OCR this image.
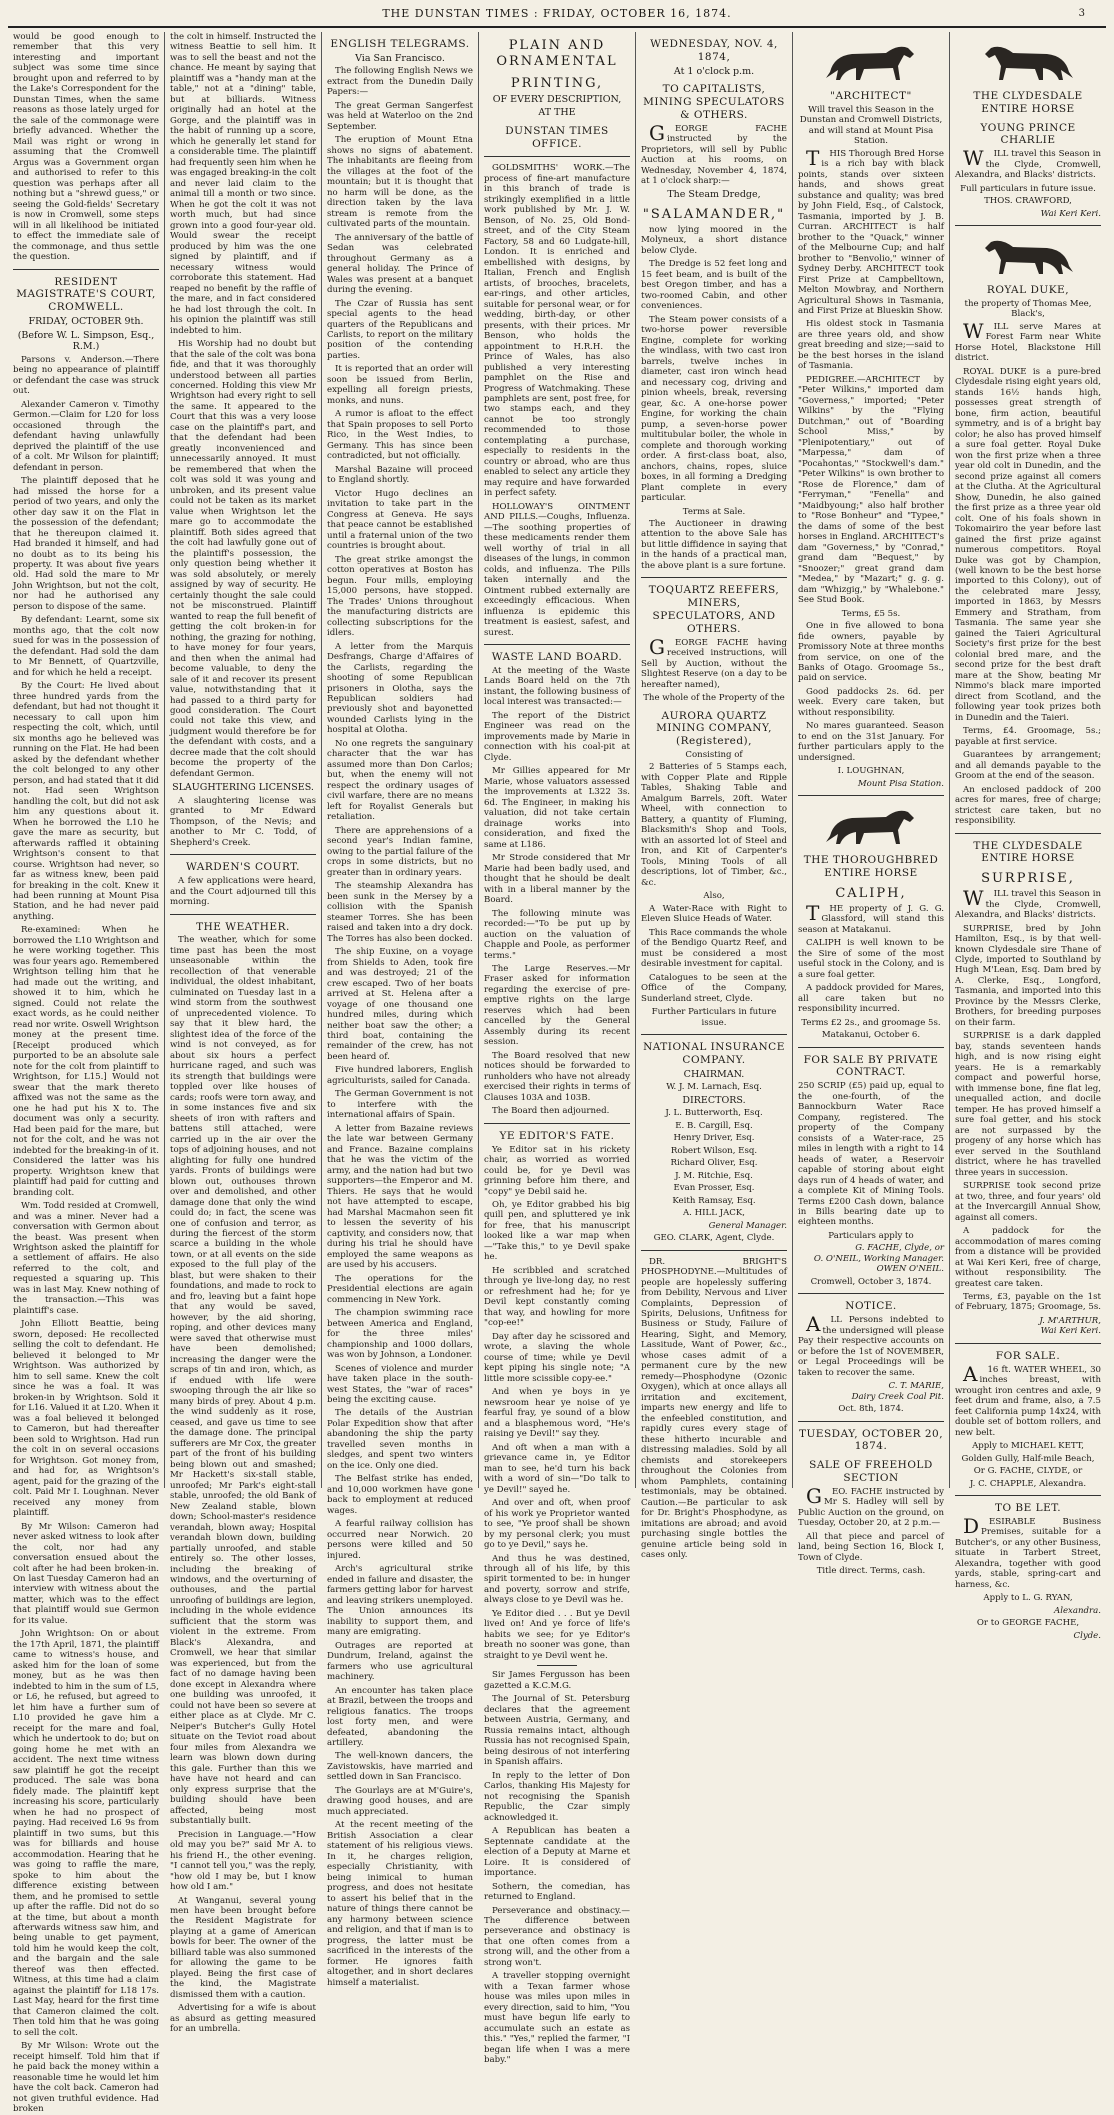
THE DUNSTAN TIMES : FRIDAY, OCTOBER 16, 1874.	3

would be good enough to remember that this very interesting and important subject was some time since brought upon and referred to by the Lake's Correspondent for the Dunstan Times, when the same reasons as those lately urged for the sale of the commonage were briefly advanced. Whether the Mail was right or wrong in assuming that the Cromwell Argus was a Government organ and authorised to refer to this question was perhaps after all nothing but a "shrewd guess," or seeing the Gold-fields' Secretary is now in Cromwell, some steps will in all likelihood be initiated to effect the immediate sale of the commonage, and thus settle the question.

RESIDENT MAGISTRATE'S COURT, CROMWELL.
FRIDAY, OCTOBER 9th.
(Before W. L. Simpson, Esq., R.M.)

Parsons v. Anderson.—There being no appearance of plaintiff or defendant the case was struck out.

Alexander Cameron v. Timothy Germon.—Claim for L20 for loss occasioned through the defendant having unlawfully deprived the plaintiff of the use of a colt. Mr Wilson for plaintiff; defendant in person.

The plaintiff deposed that he had missed the horse for a period of two years, and only the other day saw it on the Flat in the possession of the defendant; that he thereupon claimed it. Had branded it himself, and had no doubt as to its being his property. It was about five years old. Had sold the mare to Mr John Wrightson, but not the colt, nor had he authorised any person to dispose of the same.

By defendant: Learnt, some six months ago, that the colt now sued for was in the possession of the defendant. Had sold the dam to Mr Bennett, of Quartzville, and for which he held a receipt.

By the Court: He lived about three hundred yards from the defendant, but had not thought it necessary to call upon him respecting the colt, which, until six months ago he believed was running on the Flat. He had been asked by the defendant whether the colt belonged to any other person, and had stated that it did not. Had seen Wrightson handling the colt, but did not ask him any questions about it. When he borrowed the L10 he gave the mare as security, but afterwards raffled it obtaining Wrightson's consent to that course. Wrightson had never, so far as witness knew, been paid for breaking in the colt. Knew it had been running at Mount Pisa Station, and he had never paid anything.

Re-examined: When he borrowed the L10 Wrightson and he were working together. This was four years ago. Remembered Wrightson telling him that he had made out the writing, and showed it to him, which he signed. Could not relate the exact words, as he could neither read nor write. Oswell Wrightson money at the present time. [Receipt produced which purported to be an absolute sale note for the colt from plaintiff to Wrightson, for L15.] Would not swear that the mark thereto affixed was not the same as the one he had put his X to. The document was only a security. Had been paid for the mare, but not for the colt, and he was not indebted for the breaking-in of it. Considered the latter was his property. Wrightson knew that plaintiff had paid for cutting and branding colt.

Wm. Todd resided at Cromwell, and was a miner. Never had a conversation with Germon about the beast. Was present when Wrightson asked the plaintiff for a settlement of affairs. He also referred to the colt, and requested a squaring up. This was in last May. Knew nothing of the transaction.—This was plaintiff's case.

John Elliott Beattie, being sworn, deposed: He recollected selling the colt to defendant. He believed it belonged to Mr Wrightson. Was authorized by him to sell same. Knew the colt since he was a foal. It was broken-in by Wrightson. Sold it for L16. Valued it at L20. When it was a foal believed it belonged to Cameron, but had thereafter been sold to Wrightson. Had run the colt in on several occasions for Wrightson. Got money from, and had for, as Wrightson's agent, paid for the grazing of the colt. Paid Mr I. Loughnan. Never received any money from plaintiff.

By Mr Wilson: Cameron had never asked witness to look after the colt, nor had any conversation ensued about the colt after he had been broken-in. On last Tuesday Cameron had an interview with witness about the matter, which was to the effect that plaintiff would sue Germon for its value.

John Wrightson: On or about the 17th April, 1871, the plaintiff came to witness's house, and asked him for the loan of some money, but as he was then indebted to him in the sum of L5, or L6, he refused, but agreed to let him have a further sum of L10 provided he gave him a receipt for the mare and foal, which he undertook to do; but on going home he met with an accident. The next time witness saw plaintiff he got the receipt produced. The sale was bona fidely made. The plaintiff kept increasing his score, particularly when he had no prospect of paying. Had received L6 9s from plaintiff in two sums, but this was for billiards and house accommodation. Hearing that he was going to raffle the mare, spoke to him about the difference existing between them, and he promised to settle up after the raffle. Did not do so at the time, but about a month afterwards witness saw him, and being unable to get payment, told him he would keep the colt, and the bargain and the sale thereof was then effected. Witness, at this time had a claim against the plaintiff for L18 17s. Last May, heard for the first time that Cameron claimed the colt. Then told him that he was going to sell the colt.

By Mr Wilson: Wrote out the receipt himself. Told him that if he paid back the money within a reasonable time he would let him have the colt back. Cameron had not given truthful evidence. Had broken

the colt in himself. Instructed the witness Beattie to sell him. It was to sell the beast and not the chance. He meant by saying that plaintiff was a "handy man at the table," not at a "dining" table, but at billiards. Witness originally had an hotel at the Gorge, and the plaintiff was in the habit of running up a score, which he generally let stand for a considerable time. The plaintiff had frequently seen him when he was engaged breaking-in the colt and never laid claim to the animal till a month or two since. When he got the colt it was not worth much, but had since grown into a good four-year old. Would swear the receipt produced by him was the one signed by plaintiff, and if necessary witness would corroborate this statement. Had reaped no benefit by the raffle of the mare, and in fact considered he had lost through the colt. In his opinion the plaintiff was still indebted to him.

His Worship had no doubt but that the sale of the colt was bona fide, and that it was thoroughly understood between all parties concerned. Holding this view Mr Wrightson had every right to sell the same. It appeared to the Court that this was a very loose case on the plaintiff's part, and that the defendant had been greatly inconvenienced and unnecessarily annoyed. It must be remembered that when the colt was sold it was young and unbroken, and its present value could not be taken as its market value when Wrightson let the mare go to accommodate the plaintiff. Both sides agreed that the colt had lawfully gone out of the plaintiff's possession, the only question being whether it was sold absolutely, or merely assigned by way of security. He certainly thought the sale could not be misconstrued. Plaintiff wanted to reap the full benefit of getting the colt broken-in for nothing, the grazing for nothing, to have money for four years, and then when the animal had become valuable, to deny the sale of it and recover its present value, notwithstanding that it had passed to a third party for good consideration. The Court could not take this view, and judgment would therefore be for the defendant with costs, and a decree made that the colt should become the property of the defendant Germon.

SLAUGHTERING LICENSES.

A slaughtering license was granted to Mr Edward Thompson, of the Nevis; and another to Mr C. Todd, of Shepherd's Creek.

WARDEN'S COURT.

A few applications were heard, and the Court adjourned till this morning.

THE WEATHER.

The weather, which for some time past has been the most unseasonable within the recollection of that venerable individual, the oldest inhabitant, culminated on Tuesday last in a wind storm from the southwest of unprecedented violence. To say that it blew hard, the slightest idea of the force of the wind is not conveyed, as for about six hours a perfect hurricane raged, and such was its strength that buildings were toppled over like houses of cards; roofs were torn away, and in some instances five and six sheets of iron with rafters and battens still attached, were carried up in the air over the tops of adjoining houses, and not alighting for fully one hundred yards. Fronts of buildings were blown out, outhouses thrown over and demolished, and other damage done that only the wind could do; in fact, the scene was one of confusion and terror, as during the fiercest of the storm scarce a building in the whole town, or at all events on the side exposed to the full play of the blast, but were shaken to their foundations, and made to rock to and fro, leaving but a faint hope that any would be saved, however, by the aid shoring, roping, and other devices many were saved that otherwise must have been demolished; increasing the danger were the scraps of tin and iron, which, as if endued with life were swooping through the air like so many birds of prey. About 4 p.m. the wind suddenly as it rose, ceased, and gave us time to see the damage done. The principal sufferers are Mr Cox, the greater part of the front of his building being blown out and smashed; Mr Hackett's six-stall stable, unroofed; Mr Park's eight-stall stable, unroofed; the old Bank of New Zealand stable, blown down; School-master's residence verandah, blown away; Hospital verandah blown down, building partially unroofed, and stable entirely so. The other losses, including the breaking of windows, and the overturning of outhouses, and the partial unroofing of buildings are legion, including in the whole evidence sufficient that the storm was violent in the extreme. From Black's Alexandra, and Cromwell, we hear that similar was experienced, but from the fact of no damage having been done except in Alexandra where one building was unroofed, it could not have been so severe at either place as at Clyde. Mr C. Neiper's Butcher's Gully Hotel situate on the Teviot road about four miles from Alexandra we learn was blown down during this gale. Further than this we have have not heard and can only express surprise that the building should have been affected, being most substantially built.

Precision in Language.—"How old may you be?" said Mr A. to his friend H., the other evening. "I cannot tell you," was the reply, "how old I may be, but I know how old I am."

At Wanganui, several young men have been brought before the Resident Magistrate for playing at a game of American bowls for beer. The owner of the billiard table was also summoned for allowing the game to be played. Being the first case of the kind, the Magistrate dismissed them with a caution.

Advertising for a wife is about as absurd as getting measured for an umbrella.

ENGLISH TELEGRAMS.
Via San Francisco.

The following English News we extract from the Dunedin Daily Papers:—

The great German Sangerfest was held at Waterloo on the 2nd September.

The eruption of Mount Etna shows no signs of abatement. The inhabitants are fleeing from the villages at the foot of the mountain; but it is thought that no harm will be done, as the direction taken by the lava stream is remote from the cultivated parts of the mountain.

The anniversary of the battle of Sedan was celebrated throughout Germany as a general holiday. The Prince of Wales was present at a banquet during the evening.

The Czar of Russia has sent special agents to the head quarters of the Republicans and Carlists, to report on the military position of the contending parties.

It is reported that an order will soon be issued from Berlin, expelling all foreign priests, monks, and nuns.

A rumor is afloat to the effect that Spain proposes to sell Porto Rico, in the West Indies, to Germany. This has since been contradicted, but not officially.

Marshal Bazaine will proceed to England shortly.

Victor Hugo declines an invitation to take part in the Congress at Geneva. He says that peace cannot be established until a fraternal union of the two countries is brought about.

The great strike amongst the cotton operatives at Boston has begun. Four mills, employing 15,000 persons, have stopped. The Trades' Unions throughout the manufacturing districts are collecting subscriptions for the idlers.

A letter from the Marquis Desfrangs, Charge d'Affaires of the Carlists, regarding the shooting of some Republican prisoners in Olotha, says the Republican soldiers had previously shot and bayonetted wounded Carlists lying in the hospital at Olotha.

No one regrets the sanguinary character that the war has assumed more than Don Carlos; but, when the enemy will not respect the ordinary usages of civil warfare, there are no means left for Royalist Generals but retaliation.

There are apprehensions of a second year's Indian famine, owing to the partial failure of the crops in some districts, but no greater than in ordinary years.

The steamship Alexandra has been sunk in the Mersey by a collision with the Spanish steamer Torres. She has been raised and taken into a dry dock. The Torres has also been docked.

The ship Euxine, on a voyage from Shields to Aden, took fire and was destroyed; 21 of the crew escaped. Two of her boats arrived at St. Helena after a voyage of one thousand one hundred miles, during which neither boat saw the other; a third boat, containing the remainder of the crew, has not been heard of.

Five hundred laborers, English agriculturists, sailed for Canada.

The German Government is not to interfere with the international affairs of Spain.

A letter from Bazaine reviews the late war between Germany and France. Bazaine complains that he was the victim of the army, and the nation had but two supporters—the Emperor and M. Thiers. He says that he would not have attempted to escape, had Marshal Macmahon seen fit to lessen the severity of his captivity, and considers now, that during his trial he should have employed the same weapons as are used by his accusers.

The operations for the Presidential elections are again commencing in New York.

The champion swimming race between America and England, for the three miles' championship and 1000 dollars, was won by Johnson, a Londoner.

Scenes of violence and murder have taken place in the south-west States, the "war of races" being the exciting cause.

The details of the Austrian Polar Expedition show that after abandoning the ship the party travelled seven months in sledges, and spent two winters on the ice. Only one died.

The Belfast strike has ended, and 10,000 workmen have gone back to employment at reduced wages.

A fearful railway collision has occurred near Norwich. 20 persons were killed and 50 injured.

Arch's agricultural strike ended in failure and disaster, the farmers getting labor for harvest and leaving strikers unemployed. The Union announces its inability to support them, and many are emigrating.

Outrages are reported at Dundrum, Ireland, against the farmers who use agricultural machinery.

An encounter has taken place at Brazil, between the troops and religious fanatics. The troops lost forty men, and were defeated, abandoning the artillery.

The well-known dancers, the Zavistowskis, have married and settled down in San Francisco.

The Gourlays are at M'Guire's, drawing good houses, and are much appreciated.

At the recent meeting of the British Association a clear statement of his religious views. In it, he charges religion, especially Christianity, with being inimical to human progress, and does not hesitate to assert his belief that in the nature of things there cannot be any harmony between science and religion, and that if man is to progress, the latter must be sacrificed in the interests of the former. He ignores faith altogether, and in short declares himself a materialist.

PLAIN AND ORNAMENTAL
PRINTING,
OF EVERY DESCRIPTION,
AT THE
DUNSTAN TIMES OFFICE.

GOLDSMITHS' WORK.—The process of fine-art manufacture in this branch of trade is strikingly exemplified in a little work published by Mr. J. W. Benson, of No. 25, Old Bond-street, and of the City Steam Factory, 58 and 60 Ludgate-hill, London. It is enriched and embellished with designs, by Italian, French and English artists, of brooches, bracelets, ear-rings, and other articles, suitable for personal wear, or for wedding, birth-day, or other presents, with their prices. Mr Benson, who holds the appointment to H.R.H. the Prince of Wales, has also published a very interesting pamphlet on the Rise and Progress of Watchmaking. These pamphlets are sent, post free, for two stamps each, and they cannot be too strongly recommended to those contemplating a purchase, especially to residents in the country or abroad, who are thus enabled to select any article they may require and have forwarded in perfect safety.

HOLLOWAY'S OINTMENT AND PILLS.—Coughs, Influenza.—The soothing properties of these medicaments render them well worthy of trial in all diseases of the lungs, in common colds, and influenza. The Pills taken internally and the Ointment rubbed externally are exceedingly efficacious. When influenza is epidemic this treatment is easiest, safest, and surest.

WASTE LAND BOARD.

At the meeting of the Waste Lands Board held on the 7th instant, the following business of local interest was transacted:—

The report of the District Engineer was read on the improvements made by Marie in connection with his coal-pit at Clyde.

Mr Gillies appeared for Mr Marie, whose valuators assessed the improvements at L322 3s. 6d. The Engineer, in making his valuation, did not take certain drainage works into consideration, and fixed the same at L186.

Mr Strode considered that Mr Marie had been badly used, and thought that he should be dealt with in a liberal manner by the Board.

The following minute was recorded:—"To be put up by auction on the valuation of Chapple and Poole, as performer terms."

The Large Reserves.—Mr Fraser asked for information regarding the exercise of pre-emptive rights on the large reserves which had been cancelled by the General Assembly during its recent session.

The Board resolved that new notices should be forwarded to runholders who have not already exercised their rights in terms of Clauses 103A and 103B.

The Board then adjourned.

YE EDITOR'S FATE.

Ye Editor sat in his rickety chair, as worried as worried could be, for ye Devil was grinning before him there, and "copy" ye Debil said he.

Oh, ye Editor grabbed his big quill pen, and spluttered ye ink for free, that his manuscript looked like a war map when—"Take this," to ye Devil spake he.

He scribbled and scratched through ye live-long day, no rest or refreshment had he; for ye Devil kept constantly coming that way, and howling for more "cop-ee!"

Day after day he scissored and wrote, a slaving the whole course of time; while ye Devil kept piping his single note; "A little more scissible copy-ee."

And when ye boys in ye newsroom hear ye noise of ye fearful fray, ye sound of a blow and a blasphemous word, "He's raising ye Devil!" say they.

And oft when a man with a grievance came in, ye Editor man to see, he'd turn his back with a word of sin—"Do talk to ye Devil!" sayed he.

And over and oft, when proof of his work ye Proprietor wanted to see, "Ye proof shall be shown by my personal clerk; you must go to ye Devil," says he.

And thus he was destined, through all of his life, by this spirit tormented to be: in hunger and poverty, sorrow and strife, always close to ye Devil was he.

Ye Editor died . . . But ye Devil lived on! And ye force of life's habits we see; for ye Editor's breath no sooner was gone, than straight to ye Devil went he.

Sir James Fergusson has been gazetted a K.C.M.G.

The Journal of St. Petersburg declares that the agreement between Austria, Germany, and Russia remains intact, although Russia has not recognised Spain, being desirous of not interfering in Spanish affairs.

In reply to the letter of Don Carlos, thanking His Majesty for not recognising the Spanish Republic, the Czar simply acknowledged it.

A Republican has beaten a Septennate candidate at the election of a Deputy at Marne et Loire. It is considered of importance.

Sothern, the comedian, has returned to England.

Perseverance and obstinacy.—The difference between perseverance and obstinacy is that one often comes from a strong will, and the other from a strong won't.

A traveller stopping overnight with a Texan farmer whose house was miles upon miles in every direction, said to him, "You must have begun life early to accumulate such an estate as this." "Yes," replied the farmer, "I began life when I was a mere baby."

WEDNESDAY, NOV. 4, 1874,
At 1 o'clock p.m.
TO CAPITALISTS, MINING SPECULATORS & OTHERS.

GEORGE FACHE instructed by the Proprietors, will sell by Public Auction at his rooms, on Wednesday, November 4, 1874, at 1 o'clock sharp:—

The Steam Dredge,
"SALAMANDER,"

now lying moored in the Molyneux, a short distance below Clyde.

The Dredge is 52 feet long and 15 feet beam, and is built of the best Oregon timber, and has a two-roomed Cabin, and other conveniences.

The Steam power consists of a two-horse power reversible Engine, complete for working the windlass, with two cast iron barrels, twelve inches in diameter, cast iron winch head and necessary cog, driving and pinion wheels, break, reversing gear, &c. A one-horse power Engine, for working the chain pump, a seven-horse power multitubular boiler, the whole in complete and thorough working order. A first-class boat, also, anchors, chains, ropes, sluice boxes, in all forming a Dredging Plant complete in every particular.

Terms at Sale.

The Auctioneer in drawing attention to the above Sale has but little diffidence in saying that in the hands of a practical man, the above plant is a sure fortune.

TOQUARTZ REEFERS, MINERS, SPECULATORS, AND OTHERS.

GEORGE FACHE having received instructions, will Sell by Auction, without the Slightest Reserve (on a day to be hereafter named),

The whole of the Property of the
AURORA QUARTZ MINING COMPANY, (Registered),
Consisting of

2 Batteries of 5 Stamps each, with Copper Plate and Ripple Tables, Shaking Table and Amalgum Barrels, 20ft. Water Wheel, with connection to Battery, a quantity of Fluming, Blacksmith's Shop and Tools, with an assorted lot of Steel and Iron, and Kit of Carpenter's Tools, Mining Tools of all descriptions, lot of Timber, &c., &c.

Also,

A Water-Race with Right to Eleven Sluice Heads of Water.

This Race commands the whole of the Bendigo Quartz Reef, and must be considered a most desirable investment for capital.

Catalogues to be seen at the Office of the Company, Sunderland street, Clyde.

Further Particulars in future issue.
NATIONAL INSURANCE COMPANY.
CHAIRMAN.
W. J. M. Larnach, Esq.
DIRECTORS.
J. L. Butterworth, Esq.
E. B. Cargill, Esq.
Henry Driver, Esq.
Robert Wilson, Esq.
Richard Oliver, Esq.
J. M. Ritchie, Esq.
Evan Prosser, Esq.
Keith Ramsay, Esq.
A. HILL JACK,
General Manager.
GEO. CLARK, Agent, Clyde.

DR. BRIGHT'S PHOSPHODYNE.—Multitudes of people are hopelessly suffering from Debility, Nervous and Liver Complaints, Depression of Spirits, Delusions, Unfitness for Business or Study, Failure of Hearing, Sight, and Memory, Lassitude, Want of Power, &c., whose cases admit of a permanent cure by the new remedy—Phosphodyne (Ozonic Oxygen), which at once allays all irritation and excitement, imparts new energy and life to the enfeebled constitution, and rapidly cures every stage of these hitherto incurable and distressing maladies. Sold by all chemists and storekeepers throughout the Colonies from whom Pamphlets, containing testimonials, may be obtained. Caution.—Be particular to ask for Dr. Bright's Phosphodyne, as imitations are abroad; and avoid purchasing single bottles the genuine article being sold in cases only.

"ARCHITECT"
Will travel this Season in the Dunstan and Cromwell Districts, and will stand at Mount Pisa Station.

THIS Thorough Bred Horse is a rich bay with black points, stands over sixteen hands, and shows great substance and quality; was bred by John Field, Esq., of Calstock, Tasmania, imported by J. B. Curran. ARCHITECT is half brother to the "Quack," winner of the Melbourne Cup; and half brother to "Benvolio," winner of Sydney Derby. ARCHITECT took First Prize at Campbelltown, Melton Mowbray, and Northern Agricultural Shows in Tasmania, and First Prize at Blueskin Show.

His oldest stock in Tasmania are three years old, and show great breeding and size;—said to be the best horses in the island of Tasmania.

PEDIGREE.—ARCHITECT by "Peter Wilkins," imported dam "Governess," imported; "Peter Wilkins" by the "Flying Dutchman," out of "Boarding School Miss," by "Plenipotentiary," out of "Marpessa," dam of "Pocahontas," "Stockwell's dam." "Peter Wilkins" is own brother to "Rose de Florence," dam of "Ferryman," "Fenella" and "Maidbyoung;" also half brother to "Rose Bonheur" and "Typee," the dams of some of the best horses in England. ARCHITECT's dam "Governess," by "Conrad," grand dam "Bequest," by "Snoozer;" great grand dam "Medea," by "Mazart;" g. g. g. dam "Whizgig," by "Whalebone." See Stud Book.

Terms, £5 5s.

One in five allowed to bona fide owners, payable by Promissory Note at three months from service, on one of the Banks of Otago. Groomage 5s., paid on service.

Good paddocks 2s. 6d. per week. Every care taken, but without responsibility.

No mares guaranteed. Season to end on the 31st January. For further particulars apply to the undersigned.

I. LOUGHNAN,
Mount Pisa Station.
THE THOROUGHBRED ENTIRE HORSE
CALIPH,

THE property of J. G. G. Glassford, will stand this season at Matakanui.

CALIPH is well known to be the Sire of some of the most useful stock in the Colony, and is a sure foal getter.

A paddock provided for Mares, all care taken but no responsibility incurred.

Terms £2 2s., and groomage 5s.
Matakanui, October 6.
FOR SALE BY PRIVATE CONTRACT.

250 SCRIP (£5) paid up, equal to the one-fourth, of the Bannockburn Water Race Company, registered. The property of the Company consists of a Water-race, 25 miles in length with a right to 14 heads of water, a Reservoir capable of storing about eight days run of 4 heads of water, and a complete Kit of Mining Tools. Terms £200 Cash down, balance in Bills bearing date up to eighteen months.

Particulars apply to
G. FACHE, Clyde, or
O. O'NEIL, Working Manager.
OWEN O'NEIL.
Cromwell, October 3, 1874.
NOTICE.

ALL Persons indebted to the undersigned will please Pay their respective accounts on or before the 1st of NOVEMBER, or Legal Proceedings will be taken to recover the same.

C. T. MARIE,
Dairy Creek Coal Pit.
Oct. 8th, 1874.
TUESDAY, OCTOBER 20, 1874.
SALE OF FREEHOLD SECTION

GEO. FACHE instructed by Mr S. Hadley will sell by Public Auction on the ground, on Tuesday, October 20, at 2 p.m.—

All that piece and parcel of land, being Section 16, Block I, Town of Clyde.

Title direct. Terms, cash.
THE CLYDESDALE ENTIRE HORSE
YOUNG PRINCE CHARLIE

WILL travel this Season in the Clyde, Cromwell, Alexandra, and Blacks' districts.

Full particulars in future issue.
THOS. CRAWFORD,
Wai Keri Keri.
ROYAL DUKE,
the property of Thomas Mee, Black's,

WILL serve Mares at Forest Farm near White Horse Hotel, Blackstone Hill district.

ROYAL DUKE is a pure-bred Clydesdale rising eight years old, stands 16½ hands high, possesses great strength of bone, firm action, beautiful symmetry, and is of a bright bay color; he also has proved himself a sure foal getter. Royal Duke won the first prize when a three year old colt in Dunedin, and the second prize against all comers at the Clutha. At the Agricultural Show, Dunedin, he also gained the first prize as a three year old colt. One of his foals shown in Tokomairiro the year before last gained the first prize against numerous competitors. Royal Duke was got by Champion, (well known to be the best horse imported to this Colony), out of the celebrated mare Jessy, imported in 1863, by Messrs Emmery and Stratham, from Tasmania. The same year she gained the Taieri Agricultural Society's first prize for the best colonial bred mare, and the second prize for the best draft mare at the Show, beating Mr Nimmo's black mare imported direct from Scotland, and the following year took prizes both in Dunedin and the Taieri.

Terms, £4. Groomage, 5s.; payable at first service.

Guarantees by arrangement; and all demands payable to the Groom at the end of the season.

An enclosed paddock of 200 acres for mares, free of charge; strictest care taken, but no responsibility.

THE CLYDESDALE ENTIRE HORSE
SURPRISE,

WILL travel this Season in the Clyde, Cromwell, Alexandra, and Blacks' districts.

SURPRISE, bred by John Hamilton, Esq., is by that well-known Clydesdale sire Thane of Clyde, imported to Southland by Hugh M'Lean, Esq. Dam bred by A. Clerke, Esq., Longford, Tasmania, and imported into this Province by the Messrs Clerke, Brothers, for breeding purposes on their farm.

SURPRISE is a dark dappled bay, stands seventeen hands high, and is now rising eight years. He is a remarkably compact and powerful horse, with immense bone, fine flat leg, unequalled action, and docile temper. He has proved himself a sure foal getter, and his stock are not surpassed by the progeny of any horse which has ever served in the Southland district, where he has travelled three years in succession.

SURPRISE took second prize at two, three, and four years' old at the Invercargill Annual Show, against all comers.

A paddock for the accommodation of mares coming from a distance will be provided at Wai Keri Keri, free of charge, without responsibility. The greatest care taken.

Terms, £3, payable on the 1st of February, 1875; Groomage, 5s.

J. M'ARTHUR,
Wai Keri Keri.
FOR SALE.

A16 ft. WATER WHEEL, 30 inches breast, with wrought iron centres and axle, 9 feet drum and frame, also, a 7.5 feet California pump 14x24, with double set of bottom rollers, and new belt.

Apply to MICHAEL KETT,
Golden Gully, Half-mile Beach,
Or G. FACHE, CLYDE, or
J. C. CHAPPLE, Alexandra.
TO BE LET.

DESIRABLE Business Premises, suitable for a Butcher's, or any other Business, situate in Tarbert Street, Alexandra, together with good yards, stable, spring-cart and harness, &c.

Apply to L. G. RYAN,
Alexandra.
Or to GEORGE FACHE,
Clyde.
